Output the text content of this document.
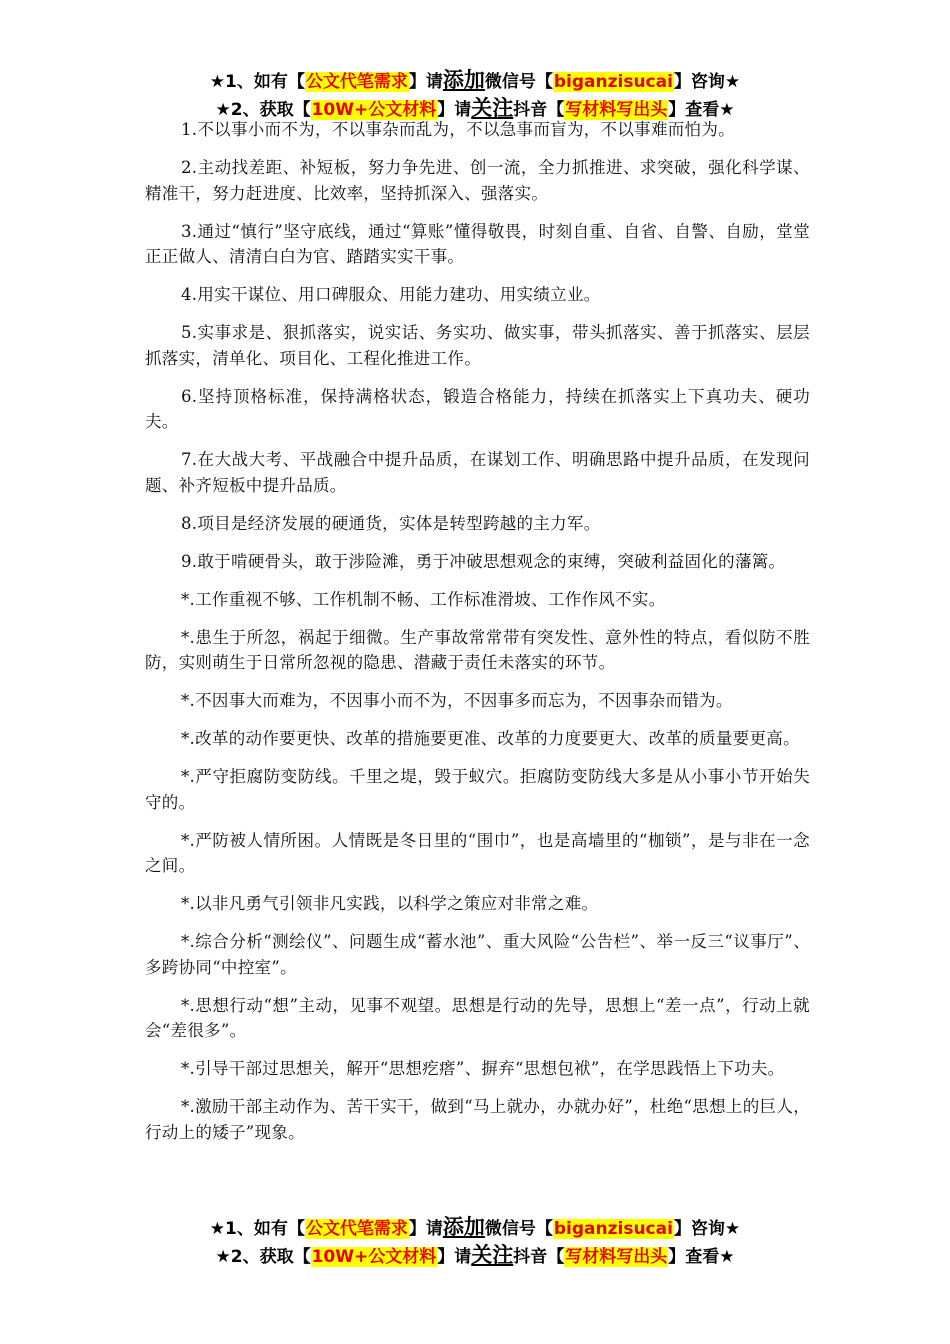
★1、如有【公文代笔需求】请添加微信号【biganzisucai】咨询★
★2、获取【10W+公文材料】请关注抖音【写材料写出头】查看★

1.不以事小而不为，不以事杂而乱为，不以急事而盲为，不以事难而怕为。

2.主动找差距、补短板，努力争先进、创一流，全力抓推进、求突破，强化科学谋、精准干，努力赶进度、比效率，坚持抓深入、强落实。

3.通过“慎行”坚守底线，通过“算账”懂得敬畏，时刻自重、自省、自警、自励，堂堂正正做人、清清白白为官、踏踏实实干事。

4.用实干谋位、用口碑服众、用能力建功、用实绩立业。

5.实事求是、狠抓落实，说实话、务实功、做实事，带头抓落实、善于抓落实、层层抓落实，清单化、项目化、工程化推进工作。

6.坚持顶格标准，保持满格状态，锻造合格能力，持续在抓落实上下真功夫、硬功夫。

7.在大战大考、平战融合中提升品质，在谋划工作、明确思路中提升品质，在发现问题、补齐短板中提升品质。

8.项目是经济发展的硬通货，实体是转型跨越的主力军。

9.敢于啃硬骨头，敢于涉险滩，勇于冲破思想观念的束缚，突破利益固化的藩篱。

*.工作重视不够、工作机制不畅、工作标准滑坡、工作作风不实。

*.患生于所忽，祸起于细微。生产事故常常带有突发性、意外性的特点，看似防不胜防，实则萌生于日常所忽视的隐患、潜藏于责任未落实的环节。

*.不因事大而难为，不因事小而不为，不因事多而忘为，不因事杂而错为。

*.改革的动作要更快、改革的措施要更准、改革的力度要更大、改革的质量要更高。

*.严守拒腐防变防线。千里之堤，毁于蚁穴。拒腐防变防线大多是从小事小节开始失守的。

*.严防被人情所困。人情既是冬日里的“围巾”，也是高墙里的“枷锁”，是与非在一念之间。

*.以非凡勇气引领非凡实践，以科学之策应对非常之难。

*.综合分析“测绘仪”、问题生成“蓄水池”、重大风险“公告栏”、举一反三“议事厅”、多跨协同“中控室”。

*.思想行动“想”主动，见事不观望。思想是行动的先导，思想上“差一点”，行动上就会“差很多”。

*.引导干部过思想关，解开“思想疙瘩”、摒弃“思想包袱”，在学思践悟上下功夫。

*.激励干部主动作为、苦干实干，做到“马上就办，办就办好”，杜绝“思想上的巨人，行动上的矮子”现象。

★1、如有【公文代笔需求】请添加微信号【biganzisucai】咨询★
★2、获取【10W+公文材料】请关注抖音【写材料写出头】查看★
